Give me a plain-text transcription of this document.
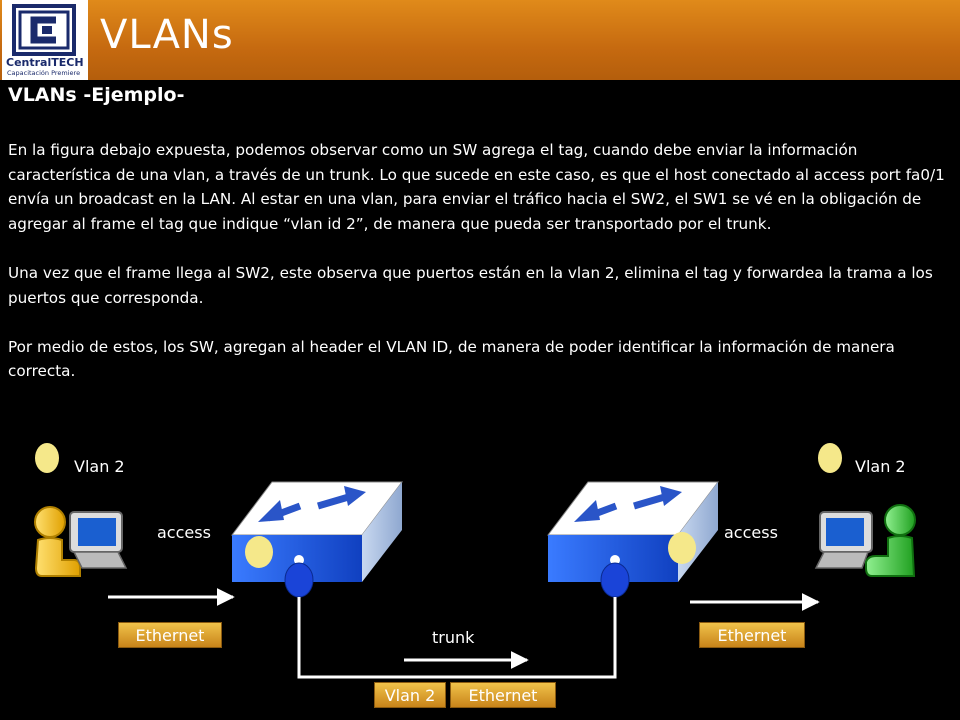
CentralTECH
Capacitación Premiere
VLANs
VLANs -Ejemplo-

En la figura debajo expuesta, podemos observar como un SW agrega el tag, cuando debe enviar la información característica de una vlan, a través de un trunk. Lo que sucede en este caso, es que el host conectado al access port fa0/1 envía un broadcast en la LAN. Al estar en una vlan, para enviar el tráfico hacia el SW2, el SW1 se vé en la obligación de agregar al frame el tag que indique “vlan id 2”, de manera que pueda ser transportado por el trunk.

Una vez que el frame llega al SW2, este observa que puertos están en la vlan 2, elimina el tag y forwardea la trama a los puertos que corresponda.

Por medio de estos, los SW, agregan al header el VLAN ID, de manera de poder identificar la información de manera correcta.

Vlan 2	Vlan 2
access	access
trunk
Ethernet	Ethernet
Vlan 2	Ethernet
